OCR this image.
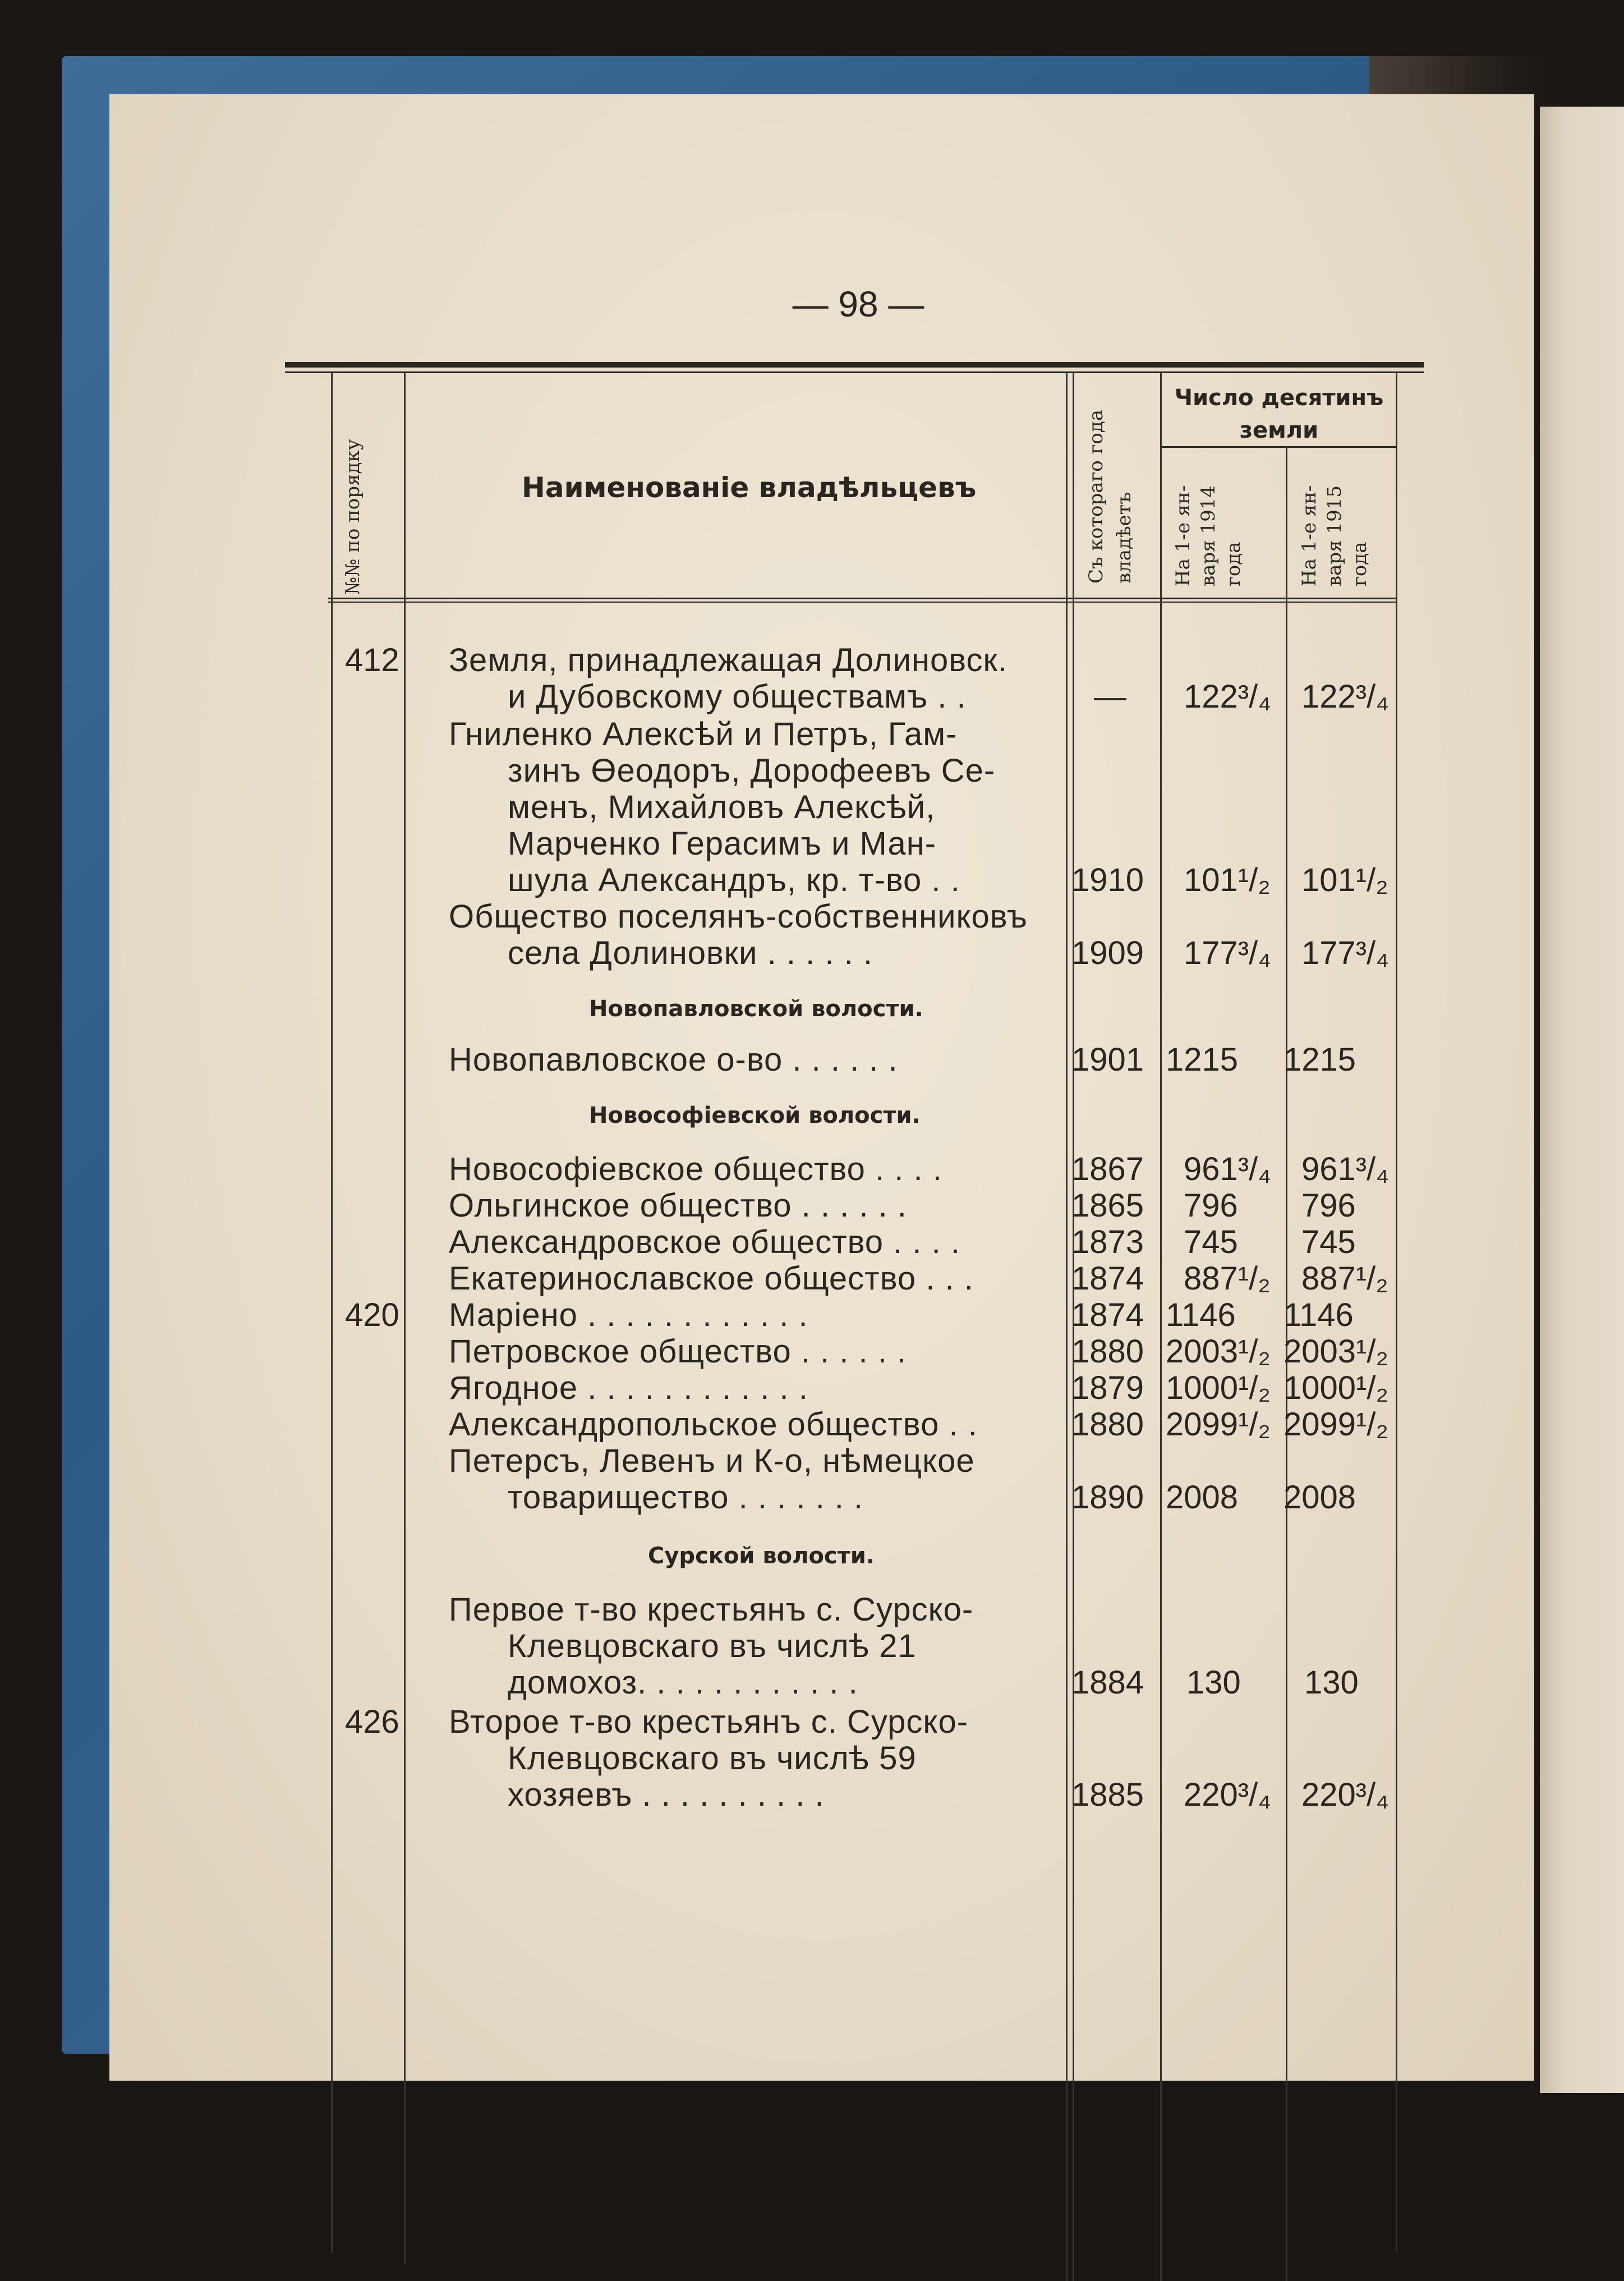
— 98 —
№№ по порядку	Наименованіе владѣльцевъ	Съ котораго года владѣетъ
Число десятинъ земли
На 1-е ян- варя 1914 года	На 1-е ян- варя 1915 года
412 Земля, принадлежащая Долиновск.
и Дубовскому обществамъ . .	— 122³/₄ 122³/₄
Гниленко Алексѣй и Петръ, Гам-
зинъ Өеодоръ, Дорофеевъ Се-
менъ, Михайловъ Алексѣй,
Марченко Герасимъ и Ман-
шула Александръ, кр. т-во . .	1910 101¹/₂ 101¹/₂
Общество поселянъ-собственниковъ
села Долиновки . . . . . .	1909 177³/₄ 177³/₄
Новопавловской волости.
Новопавловское о-во . . . . . .	1901 1215 1215
Новософіевской волости.
Новософіевское общество . . . .	1867 961³/₄ 961³/₄
Ольгинское общество . . . . . .	1865 796 796
Александровское общество . . . .	1873 745 745
Екатеринославское общество . . .	1874 887¹/₂ 887¹/₂
420 Маріено . . . . . . . . . . . .	1874 1146 1146
Петровское общество . . . . . .	1880 2003¹/₂ 2003¹/₂
Ягодное . . . . . . . . . . . .	1879 1000¹/₂ 1000¹/₂
Александропольское общество . .	1880 2099¹/₂ 2099¹/₂
Петерсъ, Левенъ и К-о, нѣмецкое
товарищество . . . . . . .	1890 2008 2008
Сурской волости.
Первое т-во крестьянъ с. Сурско-
Клевцовскаго въ числѣ 21
домохоз. . . . . . . . . . . .	1884 130 130
426 Второе т-во крестьянъ с. Сурско-
Клевцовскаго въ числѣ 59
хозяевъ . . . . . . . . . .	1885 220³/₄ 220³/₄
